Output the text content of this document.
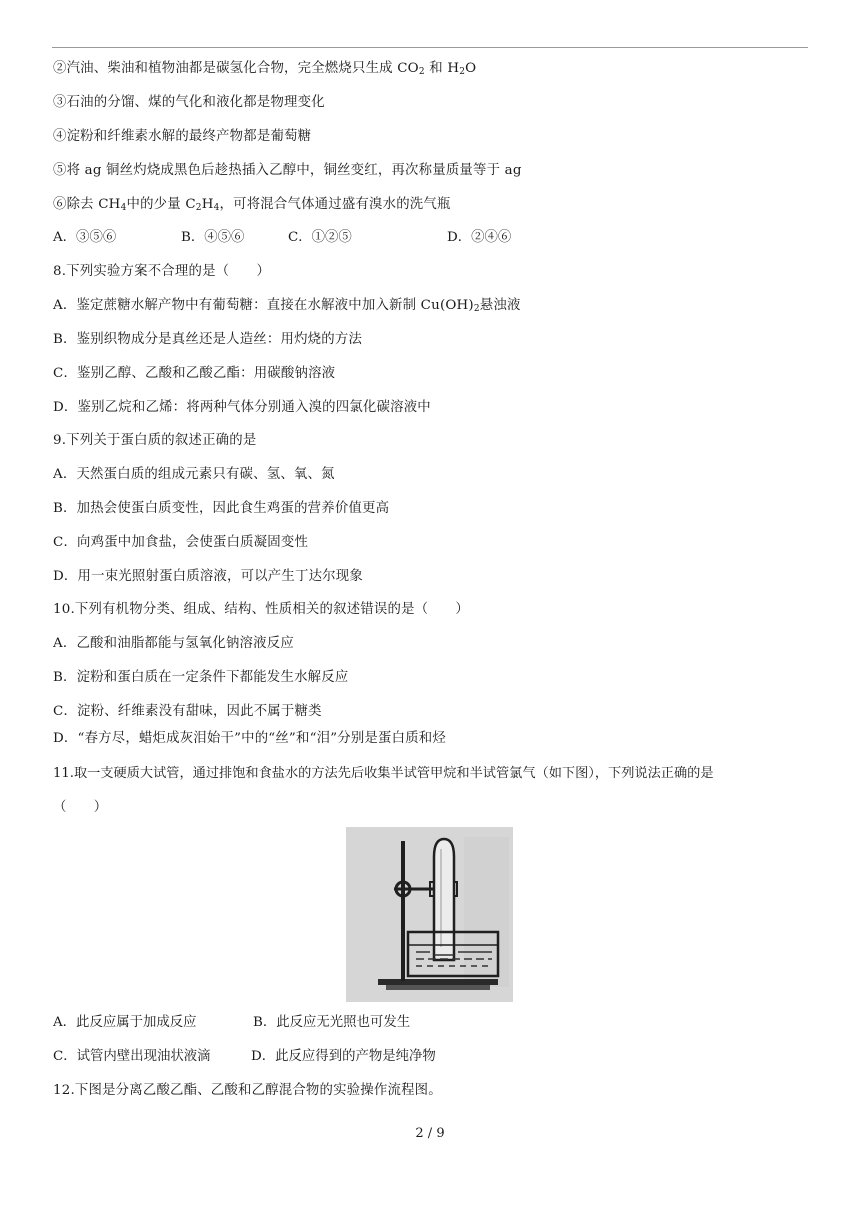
②汽油、柴油和植物油都是碳氢化合物，完全燃烧只生成 $CO_2$ 和 $H_2O$
③石油的分馏、煤的气化和液化都是物理变化
④淀粉和纤维素水解的最终产物都是葡萄糖
⑤将 ag 铜丝灼烧成黑色后趁热插入乙醇中，铜丝变红，再次称量质量等于 ag
⑥除去 $CH_4$中的少量 $C_2H_4$，可将混合气体通过盛有溴水的洗气瓶
A．③⑤⑥	B．④⑤⑥	C．①②⑤	D．②④⑥
8.下列实验方案不合理的是（　　）
A．鉴定蔗糖水解产物中有葡萄糖：直接在水解液中加入新制 $Cu(OH)_2$悬浊液
B．鉴别织物成分是真丝还是人造丝：用灼烧的方法
C．鉴别乙醇、乙酸和乙酸乙酯：用碳酸钠溶液
D．鉴别乙烷和乙烯：将两种气体分别通入溴的四氯化碳溶液中
9.下列关于蛋白质的叙述正确的是
A．天然蛋白质的组成元素只有碳、氢、氧、氮
B．加热会使蛋白质变性，因此食生鸡蛋的营养价值更高
C．向鸡蛋中加食盐，会使蛋白质凝固变性
D．用一束光照射蛋白质溶液，可以产生丁达尔现象
10.下列有机物分类、组成、结构、性质相关的叙述错误的是（　　）
A．乙酸和油脂都能与氢氧化钠溶液反应
B．淀粉和蛋白质在一定条件下都能发生水解反应
C．淀粉、纤维素没有甜味，因此不属于糖类
D．“春方尽，蜡炬成灰泪始干”中的“丝”和“泪”分别是蛋白质和烃
11.取一支硬质大试管，通过排饱和食盐水的方法先后收集半试管甲烷和半试管氯气（如下图），下列说法正确的是
（　　）
A．此反应属于加成反应	B．此反应无光照也可发生
C．试管内壁出现油状液滴	D．此反应得到的产物是纯净物
12.下图是分离乙酸乙酯、乙酸和乙醇混合物的实验操作流程图。
2 / 9
